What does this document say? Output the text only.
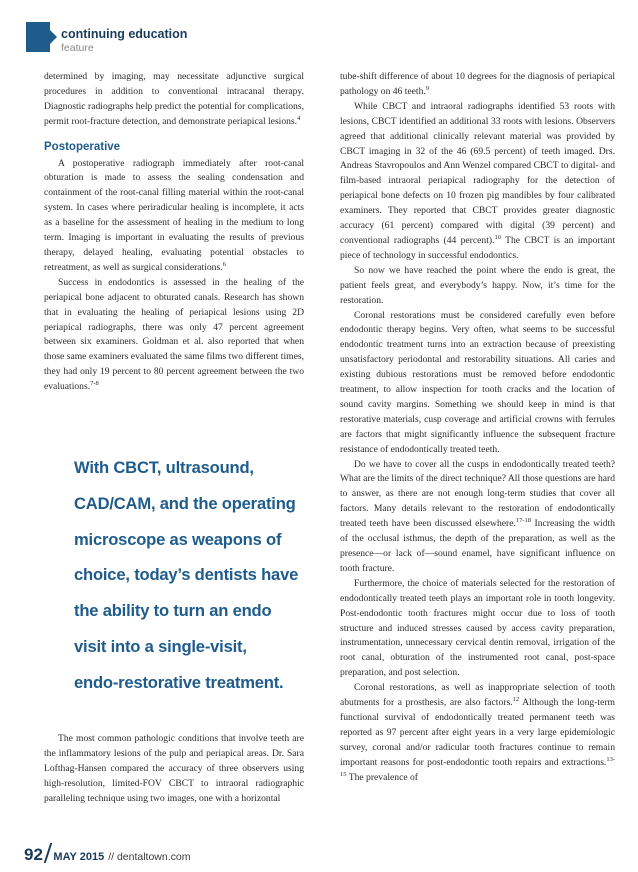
continuing education
feature

determined by imaging, may necessitate adjunctive surgical procedures in addition to conventional intracanal therapy. Diagnostic radiographs help predict the potential for complications, permit root-fracture detection, and demonstrate periapical lesions.$^4$

Postoperative

A postoperative radiograph immediately after root-canal obturation is made to assess the sealing condensation and containment of the root-canal filling material within the root-canal system. In cases where periradicular healing is incomplete, it acts as a baseline for the assessment of healing in the medium to long term. Imaging is important in evaluating the results of previous therapy, delayed healing, evaluating potential obstacles to retreatment, as well as surgical considerations.$^6$

Success in endodontics is assessed in the healing of the periapical bone adjacent to obturated canals. Research has shown that in evaluating the healing of periapical lesions using 2D periapical radiographs, there was only 47 percent agreement between six examiners. Goldman et al. also reported that when those same examiners evaluated the same films two different times, they had only 19 percent to 80 percent agreement between the two evaluations.$^{7-8}$

With CBCT, ultrasound,
CAD/CAM, and the operating
microscope as weapons of
choice, today’s dentists have
the ability to turn an endo
visit into a single-visit,
endo-restorative treatment.

The most common pathologic conditions that involve teeth are the inflammatory lesions of the pulp and periapical areas. Dr. Sara Lofthag-Hansen compared the accuracy of three observers using high-resolution, limited-FOV CBCT to intraoral radiographic paralleling technique using two images, one with a horizontal

tube-shift difference of about 10 degrees for the diagnosis of periapical pathology on 46 teeth.$^9$

While CBCT and intraoral radiographs identified 53 roots with lesions, CBCT identified an additional 33 roots with lesions. Observers agreed that additional clinically relevant material was provided by CBCT imaging in 32 of the 46 (69.5 percent) of teeth imaged. Drs. Andreas Stavropoulos and Ann Wenzel compared CBCT to digital- and film-based intraoral periapical radiography for the detection of periapical bone defects on 10 frozen pig mandibles by four calibrated examiners. They reported that CBCT provides greater diagnostic accuracy (61 percent) compared with digital (39 percent) and conventional radiographs (44 percent).$^{10}$ The CBCT is an important piece of technology in successful endodontics.

So now we have reached the point where the endo is great, the patient feels great, and everybody’s happy. Now, it’s time for the restoration.

Coronal restorations must be considered carefully even before endodontic therapy begins. Very often, what seems to be successful endodontic treatment turns into an extraction because of preexisting unsatisfactory periodontal and restorability situations. All caries and existing dubious restorations must be removed before endodontic treatment, to allow inspection for tooth cracks and the location of sound cavity margins. Something we should keep in mind is that restorative materials, cusp coverage and artificial crowns with ferrules are factors that might significantly influence the subsequent fracture resistance of endodontically treated teeth.

Do we have to cover all the cusps in endodontically treated teeth? What are the limits of the direct technique? All those questions are hard to answer, as there are not enough long-term studies that cover all factors. Many details relevant to the restoration of endodontically treated teeth have been discussed elsewhere.$^{17-18}$ Increasing the width of the occlusal isthmus, the depth of the preparation, as well as the presence—or lack of—sound enamel, have significant influence on tooth fracture.

Furthermore, the choice of materials selected for the restoration of endodontically treated teeth plays an important role in tooth longevity. Post-endodontic tooth fractures might occur due to loss of tooth structure and induced stresses caused by access cavity preparation, instrumentation, unnecessary cervical dentin removal, irrigation of the root canal, obturation of the instrumented root canal, post-space preparation, and post selection.

Coronal restorations, as well as inappropriate selection of tooth abutments for a prosthesis, are also factors.$^{12}$ Although the long-term functional survival of endodontically treated permanent teeth was reported as 97 percent after eight years in a very large epidemiologic survey, coronal and/or radicular tooth fractures continue to remain important reasons for post-endodontic tooth repairs and extractions.$^{13-15}$ The prevalence of

92 MAY 2015 // dentaltown.com
